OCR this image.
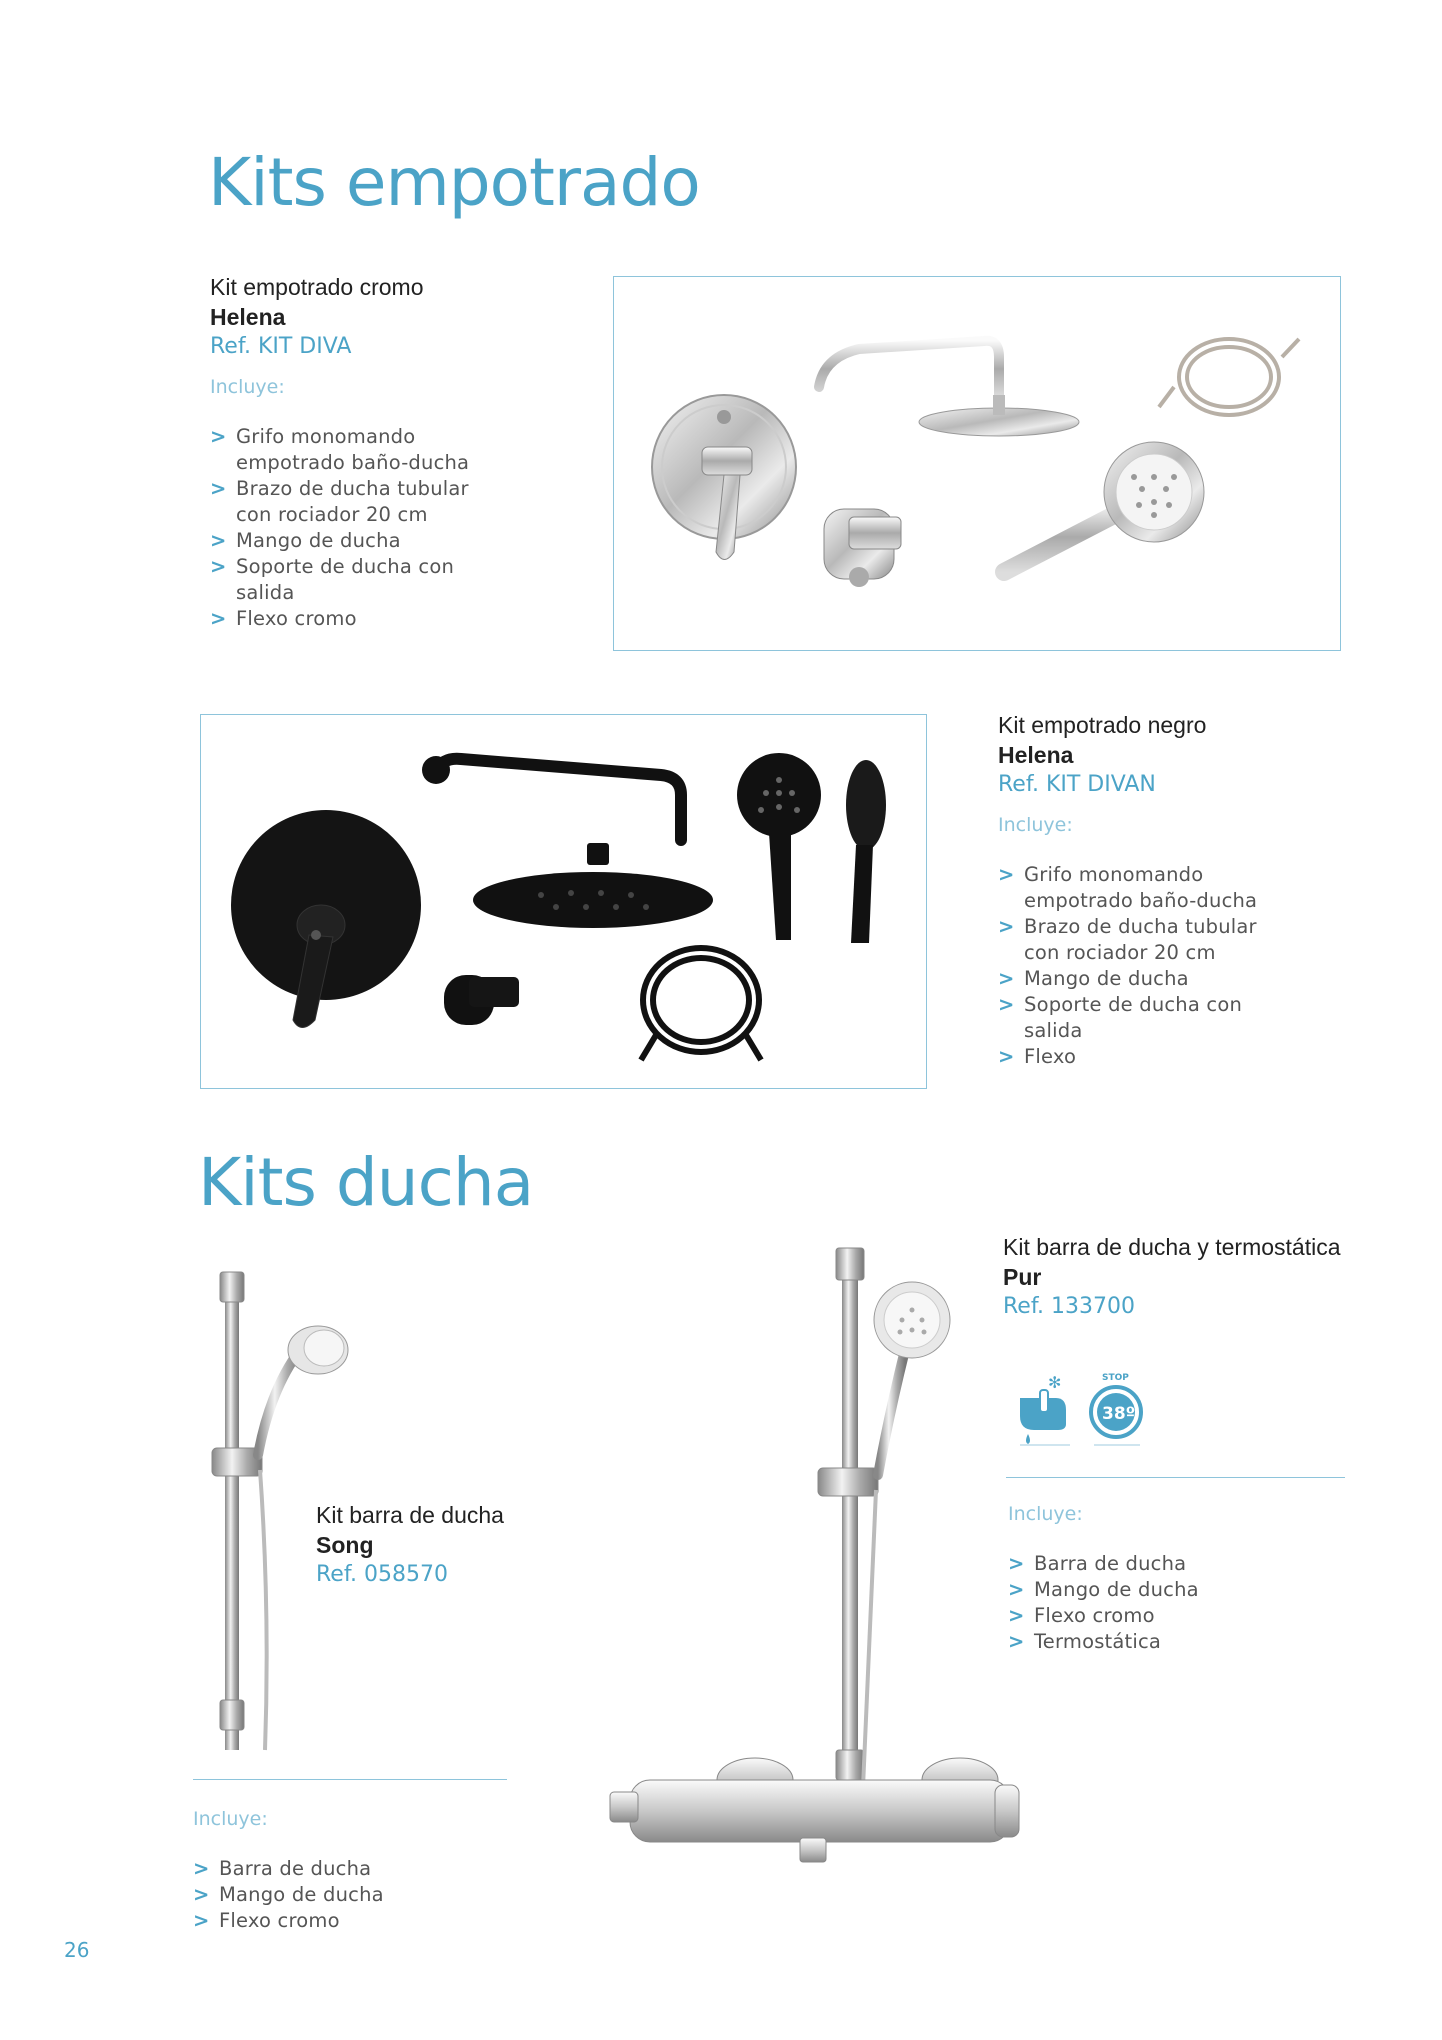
Kits empotrado
Kit empotrado cromo
Helena
Ref. KIT DIVA
Incluye:
> Grifo monomando empotrado baño-ducha
> Brazo de ducha tubular con rociador 20 cm
> Mango de ducha
> Soporte de ducha con salida
> Flexo cromo
Kit empotrado negro
Helena
Ref. KIT DIVAN
Incluye:
> Grifo monomando empotrado baño-ducha
> Brazo de ducha tubular con rociador 20 cm
> Mango de ducha
> Soporte de ducha con salida
> Flexo
Kits ducha
Kit barra de ducha
Song
Ref. 058570
Incluye:
> Barra de ducha
> Mango de ducha
> Flexo cromo
Kit barra de ducha y termostática
Pur
Ref. 133700
✻	STOP
38º
Incluye:
> Barra de ducha
> Mango de ducha
> Flexo cromo
> Termostática
26
